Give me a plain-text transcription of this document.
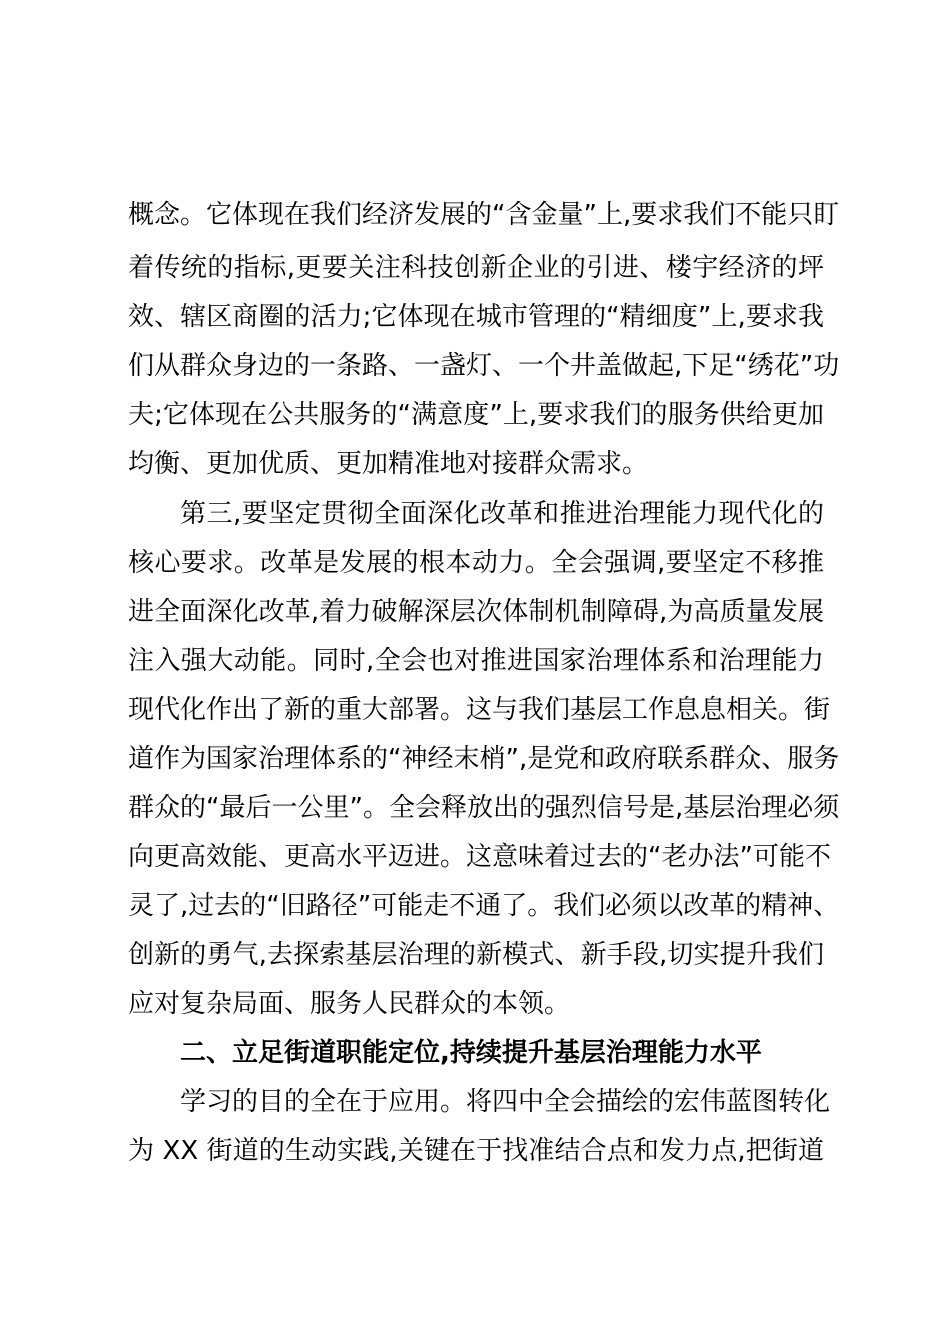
概念。它体现在我们经济发展的“含金量”上,要求我们不能只盯
着传统的指标,更要关注科技创新企业的引进、楼宇经济的坪
效、辖区商圈的活力;它体现在城市管理的“精细度”上,要求我
们从群众身边的一条路、一盏灯、一个井盖做起,下足“绣花”功
夫;它体现在公共服务的“满意度”上,要求我们的服务供给更加
均衡、更加优质、更加精准地对接群众需求。
第三,要坚定贯彻全面深化改革和推进治理能力现代化的
核心要求。改革是发展的根本动力。全会强调,要坚定不移推
进全面深化改革,着力破解深层次体制机制障碍,为高质量发展
注入强大动能。同时,全会也对推进国家治理体系和治理能力
现代化作出了新的重大部署。这与我们基层工作息息相关。街
道作为国家治理体系的“神经末梢”,是党和政府联系群众、服务
群众的“最后一公里”。全会释放出的强烈信号是,基层治理必须
向更高效能、更高水平迈进。这意味着过去的“老办法”可能不
灵了,过去的“旧路径”可能走不通了。我们必须以改革的精神、
创新的勇气,去探索基层治理的新模式、新手段,切实提升我们
应对复杂局面、服务人民群众的本领。
二、立足街道职能定位,持续提升基层治理能力水平
学习的目的全在于应用。将四中全会描绘的宏伟蓝图转化
为 XX 街道的生动实践,关键在于找准结合点和发力点,把街道
